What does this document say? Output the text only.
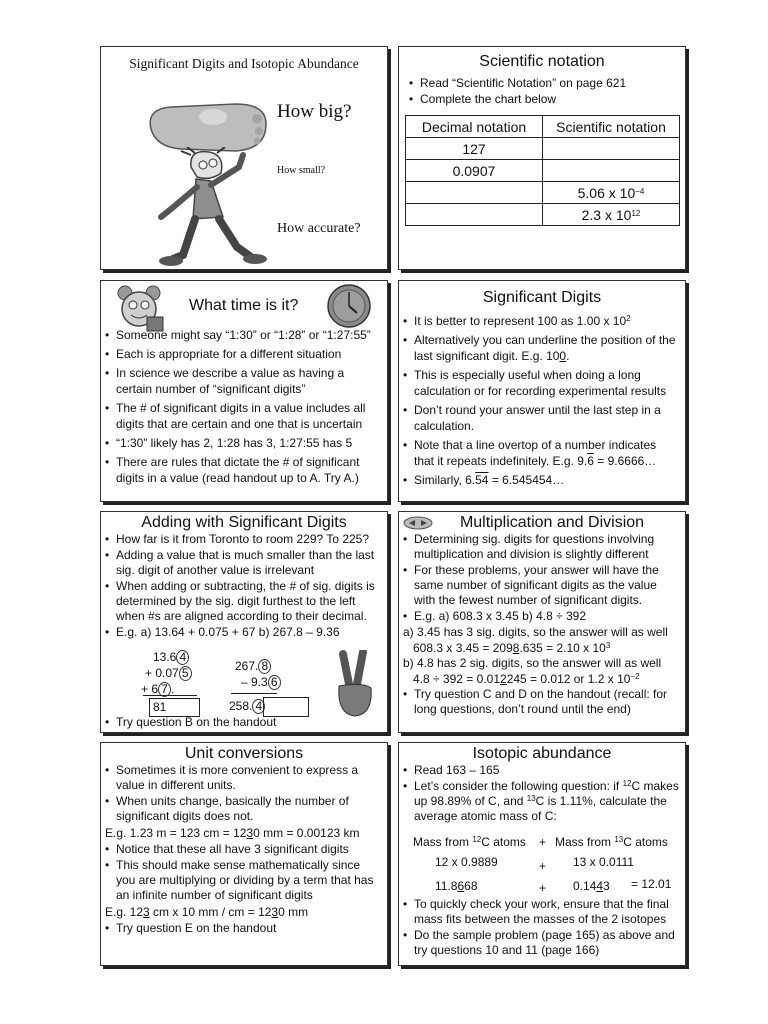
Significant Digits and Isotopic Abundance
How big?
How small?
How accurate?
Scientific notation
• Read “Scientific Notation” on page 621
• Complete the chart below
Decimal notation	Scientific notation
127	
0.0907	
	5.06 x $10^{-4}$
	2.3 x $10^{12}$
What time is it?
• Someone might say “1:30” or “1:28” or “1:27:55”
• Each is appropriate for a different situation
• In science we describe a value as having a certain number of “significant digits”
• The # of significant digits in a value includes all digits that are certain and one that is uncertain
• “1:30” likely has 2, 1:28 has 3, 1:27:55 has 5
• There are rules that dictate the # of significant digits in a value (read handout up to A. Try A.)
Significant Digits
• It is better to represent 100 as 1.00 x $10^2$
• Alternatively you can underline the position of the last significant digit. E.g. 100.
• This is especially useful when doing a long calculation or for recording experimental results
• Don’t round your answer until the last step in a calculation.
• Note that a line overtop of a number indicates that it repeats indefinitely. E.g. 9.6 = 9.6666…
• Similarly, 6.54 = 6.545454…
Adding with Significant Digits
• How far is it from Toronto to room 229? To 225?
• Adding a value that is much smaller than the last sig. digit of another value is irrelevant
• When adding or subtracting, the # of sig. digits is determined by the sig. digit furthest to the left when #s are aligned according to their decimal.
• E.g. a) 13.64 + 0.075 + 67 b) 267.8 – 9.36
13.6 4
+ 0.07 5
+ 6 7 .
81
267. 8
– 9.3 6
258. 4
• Try question B on the handout
Multiplication and Division
• Determining sig. digits for questions involving multiplication and division is slightly different
• For these problems, your answer will have the same number of significant digits as the value with the fewest number of significant digits.
• E.g. a) 608.3 x 3.45 b) 4.8 ÷ 392
a) 3.45 has 3 sig. digits, so the answer will as well
608.3 x 3.45 = 2098.635 = 2.10 x $10^3$
b) 4.8 has 2 sig. digits, so the answer will as well
4.8 ÷ 392 = 0.012245 = 0.012 or 1.2 x $10^{-2}$
• Try question C and D on the handout (recall: for long questions, don’t round until the end)
Unit conversions
• Sometimes it is more convenient to express a value in different units.
• When units change, basically the number of significant digits does not.
E.g. 1.23 m = 123 cm = 1230 mm = 0.00123 km
• Notice that these all have 3 significant digits
• This should make sense mathematically since you are multiplying or dividing by a term that has an infinite number of significant digits
E.g. 123 cm x 10 mm / cm = 1230 mm
• Try question E on the handout
Isotopic abundance
• Read 163 – 165
• Let’s consider the following question: if $^{12}$C makes up 98.89% of C, and $^{13}$C is 1.11%, calculate the average atomic mass of C:
Mass from $^{12}$C atoms + Mass from $^{13}$C atoms
12 x 0.9889	+ 13 x 0.0111
11.8668	+ 0.1443 = 12.01
• To quickly check your work, ensure that the final mass fits between the masses of the 2 isotopes
• Do the sample problem (page 165) as above and try questions 10 and 11 (page 166)
